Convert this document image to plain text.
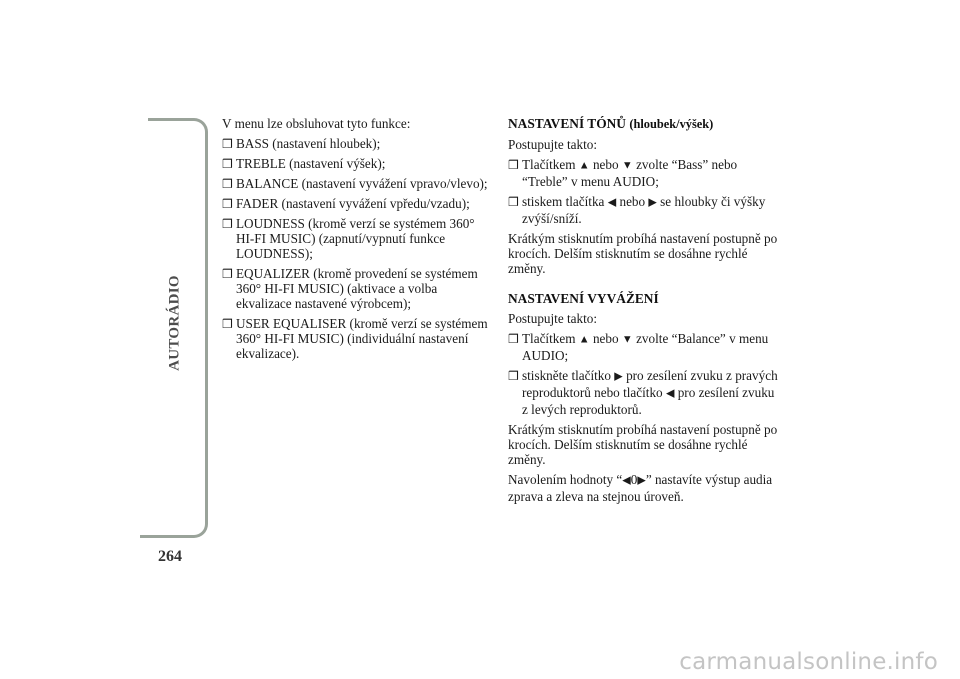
AUTORÁDIO
264

V menu lze obsluhovat tyto funkce:

❒ BASS (nastavení hloubek);
❒ TREBLE (nastavení výšek);
❒ BALANCE (nastavení vyvážení vpravo/vlevo);
❒ FADER (nastavení vyvážení vpředu/vzadu);
❒ LOUDNESS (kromě verzí se systémem 360° HI-FI MUSIC) (zapnutí/vypnutí funkce LOUDNESS);
❒ EQUALIZER (kromě provedení se systémem 360° HI-FI MUSIC) (aktivace a volba ekvalizace nastavené výrobcem);
❒ USER EQUALISER (kromě verzí se systémem 360° HI-FI MUSIC) (individuální nastavení ekvalizace).
NASTAVENÍ TÓNŮ (hloubek/výšek)

Postupujte takto:

❒ Tlačítkem ▲ nebo ▼ zvolte “Bass” nebo “Treble” v menu AUDIO;
❒ stiskem tlačítka ◀ nebo ▶ se hloubky či výšky zvýší/sníží.

Krátkým stisknutím probíhá nastavení postupně po krocích. Delším stisknutím se dosáhne rychlé změny.

NASTAVENÍ VYVÁŽENÍ

Postupujte takto:

❒ Tlačítkem ▲ nebo ▼ zvolte “Balance” v menu AUDIO;
❒ stiskněte tlačítko ▶ pro zesílení zvuku z pravých reproduktorů nebo tlačítko ◀ pro zesílení zvuku z levých reproduktorů.

Krátkým stisknutím probíhá nastavení postupně po krocích. Delším stisknutím se dosáhne rychlé změny.

Navolením hodnoty “◀0▶” nastavíte výstup audia zprava a zleva na stejnou úroveň.

carmanualsonline.info
